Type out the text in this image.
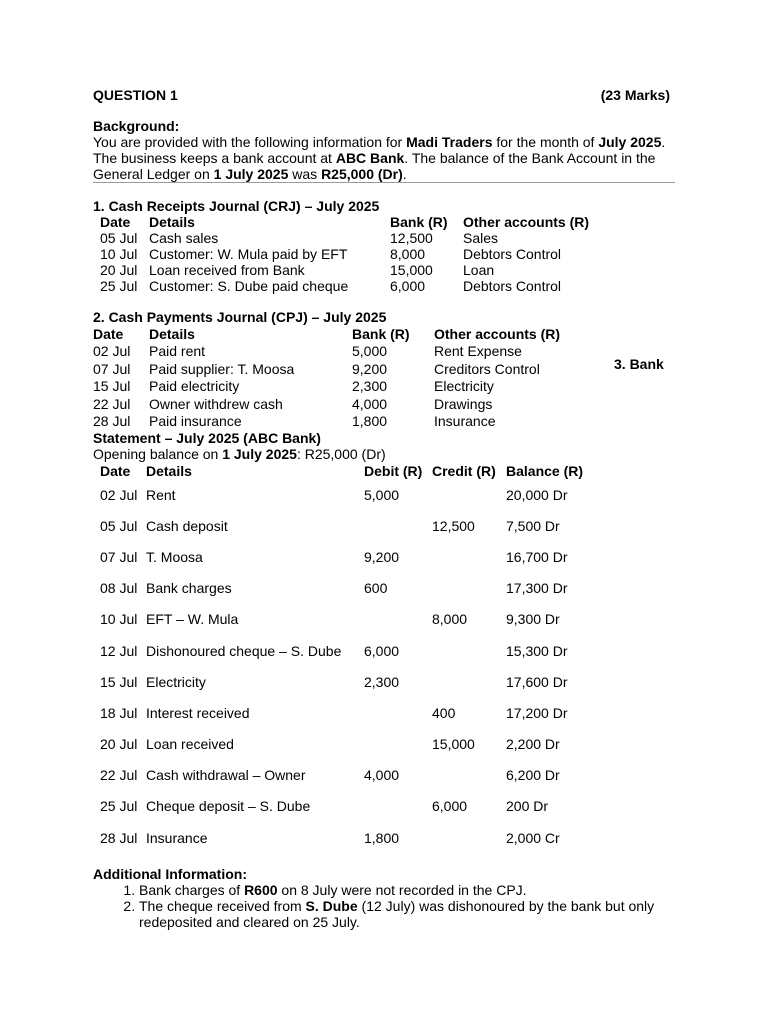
QUESTION 1	(23 Marks)
Background:
You are provided with the following information for Madi Traders for the month of July 2025. The business keeps a bank account at ABC Bank. The balance of the Bank Account in the General Ledger on 1 July 2025 was R25,000 (Dr).
1. Cash Receipts Journal (CRJ) – July 2025
Date	Details	Bank (R)	Other accounts (R)
05 Jul	Cash sales	12,500	Sales
10 Jul	Customer: W. Mula paid by EFT	8,000	Debtors Control
20 Jul	Loan received from Bank	15,000	Loan
25 Jul	Customer: S. Dube paid cheque	6,000	Debtors Control
2. Cash Payments Journal (CPJ) – July 2025
Date	Details	Bank (R)	Other accounts (R)
02 Jul	Paid rent	5,000	Rent Expense
07 Jul	Paid supplier: T. Moosa	9,200	Creditors Control
15 Jul	Paid electricity	2,300	Electricity
22 Jul	Owner withdrew cash	4,000	Drawings
28 Jul	Paid insurance	1,800	Insurance
Statement – July 2025 (ABC Bank)
Opening balance on 1 July 2025: R25,000 (Dr)
Date	Details	Debit (R)	Credit (R)	Balance (R)
02 Jul	Rent	5,000		20,000 Dr
05 Jul	Cash deposit		12,500	7,500 Dr
07 Jul	T. Moosa	9,200		16,700 Dr
08 Jul	Bank charges	600		17,300 Dr
10 Jul	EFT – W. Mula		8,000	9,300 Dr
12 Jul	Dishonoured cheque – S. Dube	6,000		15,300 Dr
15 Jul	Electricity	2,300		17,600 Dr
18 Jul	Interest received		400	17,200 Dr
20 Jul	Loan received		15,000	2,200 Dr
22 Jul	Cash withdrawal – Owner	4,000		6,200 Dr
25 Jul	Cheque deposit – S. Dube		6,000	200 Dr
28 Jul	Insurance	1,800		2,000 Cr
Additional Information:
1. Bank charges of R600 on 8 July were not recorded in the CPJ.
2. The cheque received from S. Dube (12 July) was dishonoured by the bank but only redeposited and cleared on 25 July.
3. Bank
